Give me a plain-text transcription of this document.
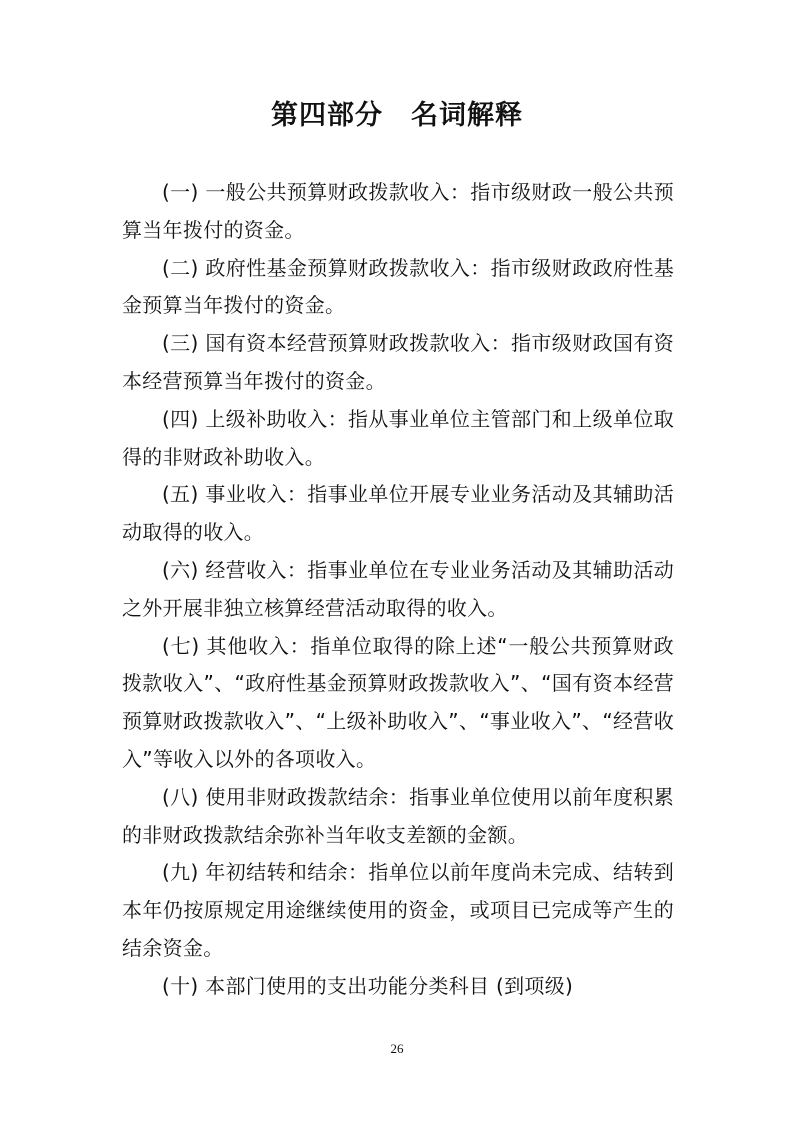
第四部分　名词解释

(一) 一般公共预算财政拨款收入：指市级财政一般公共预算当年拨付的资金。

(二) 政府性基金预算财政拨款收入：指市级财政政府性基金预算当年拨付的资金。

(三) 国有资本经营预算财政拨款收入：指市级财政国有资本经营预算当年拨付的资金。

(四) 上级补助收入：指从事业单位主管部门和上级单位取得的非财政补助收入。

(五) 事业收入：指事业单位开展专业业务活动及其辅助活动取得的收入。

(六) 经营收入：指事业单位在专业业务活动及其辅助活动之外开展非独立核算经营活动取得的收入。

(七) 其他收入：指单位取得的除上述“一般公共预算财政拨款收入”、“政府性基金预算财政拨款收入”、“国有资本经营预算财政拨款收入”、“上级补助收入”、“事业收入”、“经营收入”等收入以外的各项收入。

(八) 使用非财政拨款结余：指事业单位使用以前年度积累的非财政拨款结余弥补当年收支差额的金额。

(九) 年初结转和结余：指单位以前年度尚未完成、结转到本年仍按原规定用途继续使用的资金，或项目已完成等产生的结余资金。

(十) 本部门使用的支出功能分类科目 (到项级)

26
